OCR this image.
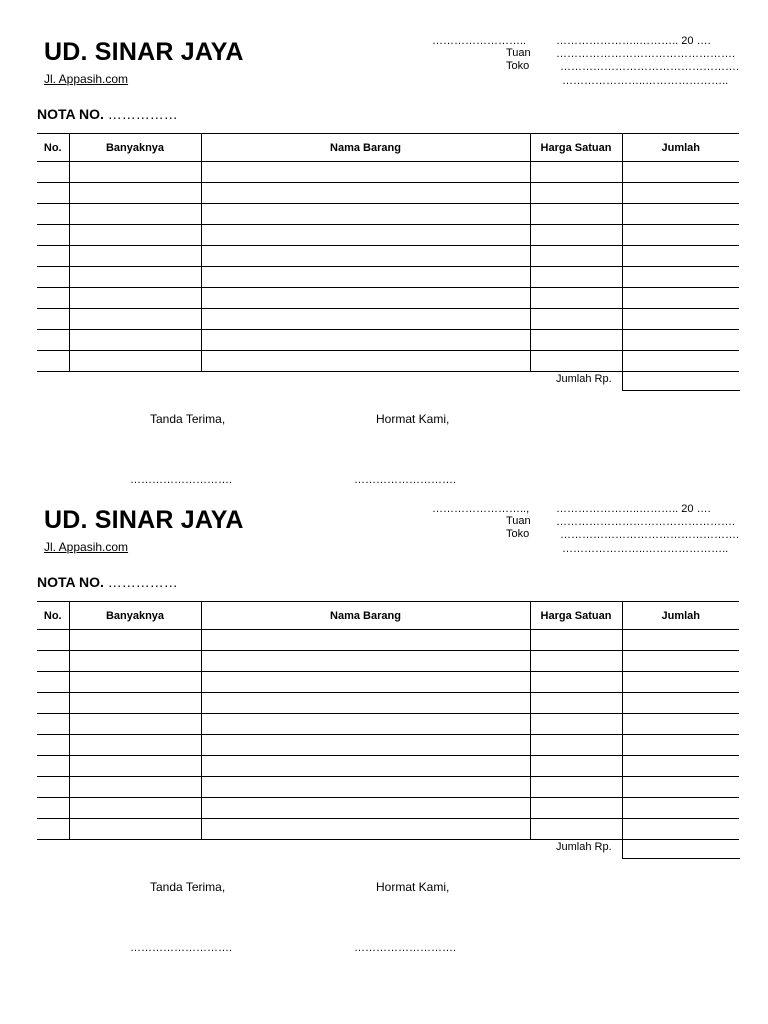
UD. SINAR JAYA
Jl. Appasih.com
……………………..	…………………..……….. 20 ….
Tuan ………………………………………….
Toko	………………………………………….
…………………..…………………..
NOTA NO. ……………
No.	Banyaknya	Nama Barang	Harga Satuan	Jumlah

Jumlah Rp.
Tanda Terima,	Hormat Kami,
……………………….	……………………….
UD. SINAR JAYA
Jl. Appasih.com
…………………….., …………………..……….. 20 ….
Tuan ………………………………………….
Toko	………………………………………….
…………………..…………………..
NOTA NO. ……………
No.	Banyaknya	Nama Barang	Harga Satuan	Jumlah

Jumlah Rp.
Tanda Terima,	Hormat Kami,
……………………….	……………………….
